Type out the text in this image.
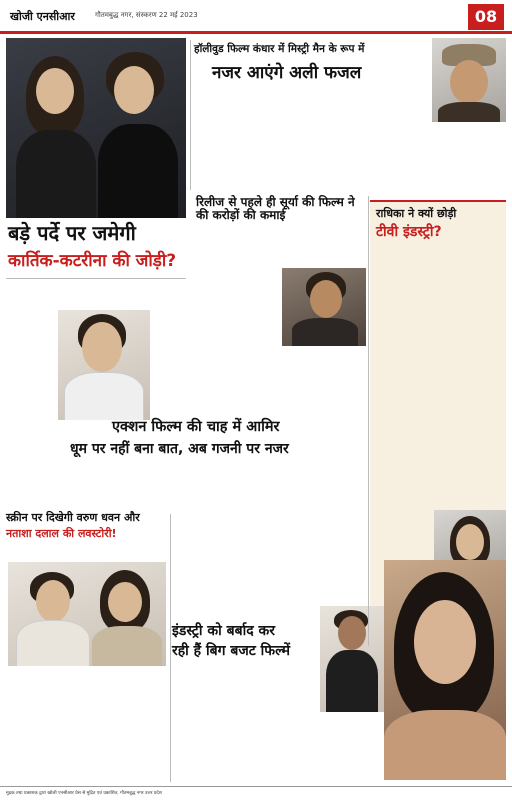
खोजी एनसीआर	गौतमबुद्ध नगर, संस्करण 22 मई 2023	08
हॉलीवुड फिल्म कंधार में मिस्ट्री मैन के रूप में
नजर आएंगे अली फजल
बड़े पर्दे पर जमेगी
कार्तिक-कटरीना की जोड़ी?
रिलीज से पहले ही सूर्या की फिल्म ने की करोड़ों की कमाई	राधिका ने क्यों छोड़ी
टीवी इंडस्ट्री?
एक्शन फिल्म की चाह में आमिर
धूम पर नहीं बना बात, अब गजनी पर नजर
स्क्रीन पर दिखेगी वरुण धवन और
नताशा दलाल की लवस्टोरी!
इंडस्ट्री को बर्बाद कर
रही हैं बिग बजट फिल्में
मुद्रक तथा प्रकाशक द्वारा खोजी एनसीआर प्रेस से मुद्रित एवं प्रकाशित, गौतमबुद्ध नगर उत्तर प्रदेश
